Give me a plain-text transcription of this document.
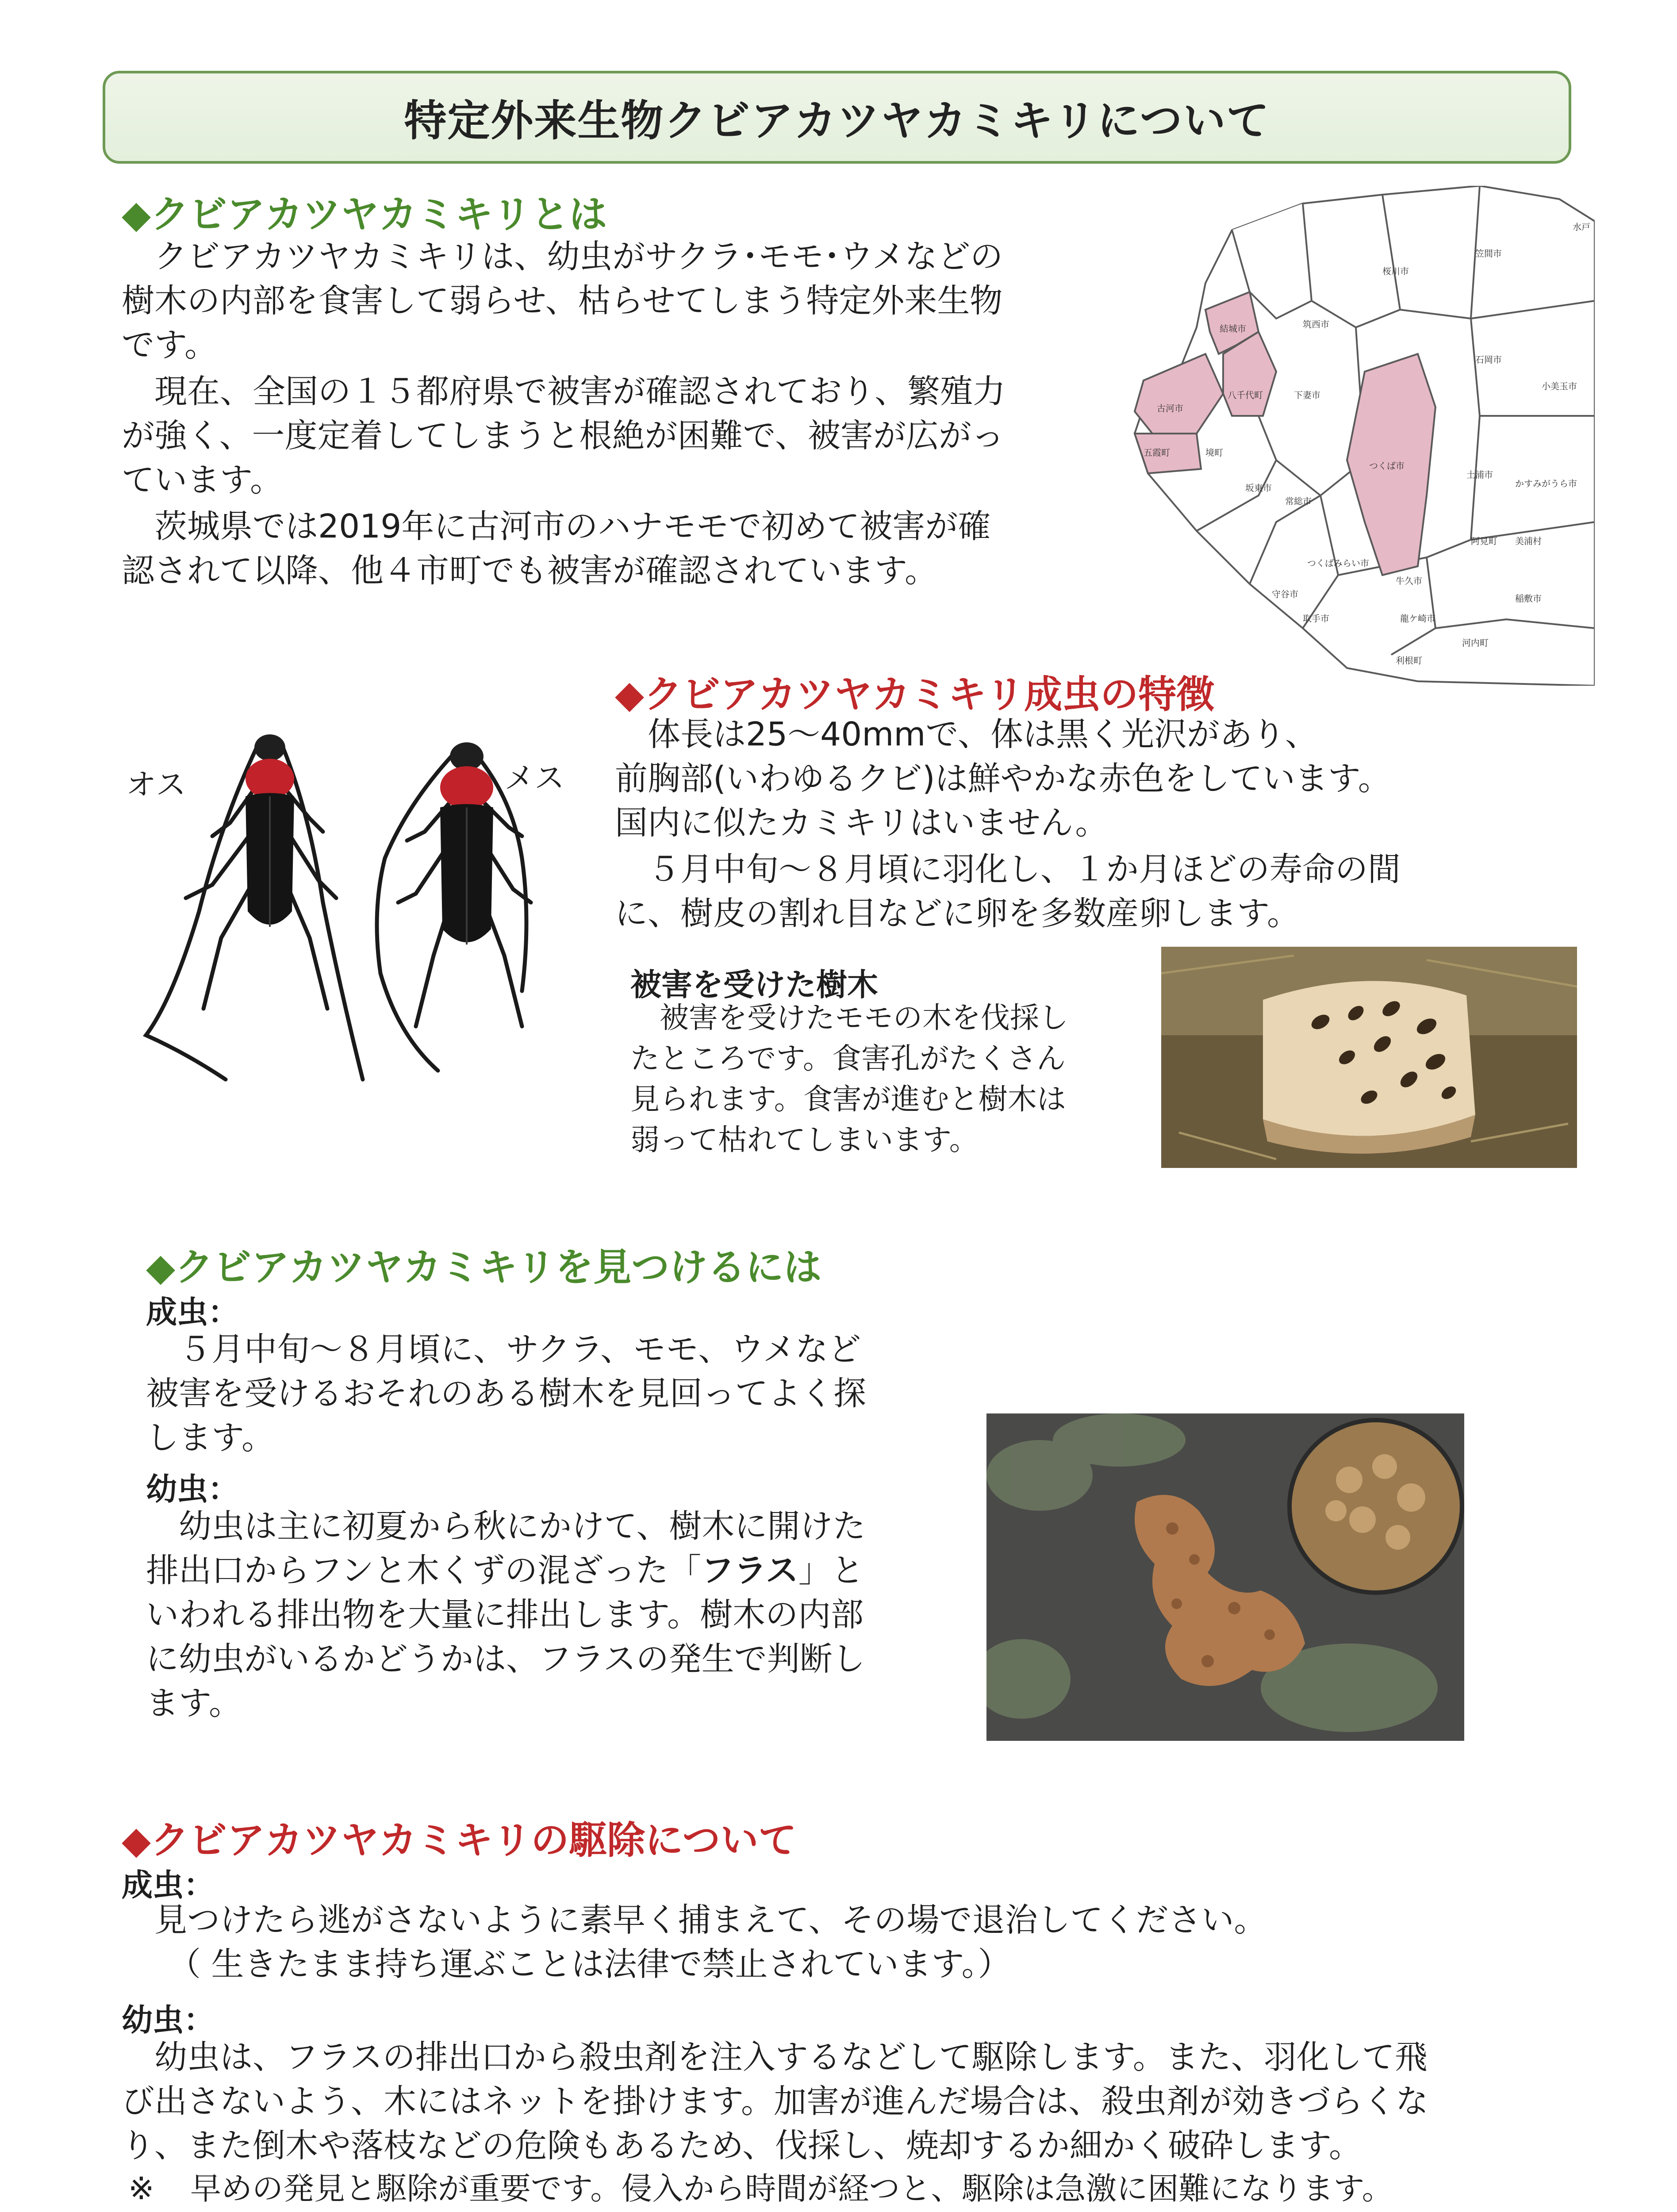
特定外来生物クビアカツヤカミキリについて
◆クビアカツヤカミキリとは
　クビアカツヤカミキリは、幼虫がサクラ･モモ･ウメなどの
樹木の内部を食害して弱らせ、枯らせてしまう特定外来生物
です。
　現在、全国の１５都府県で被害が確認されており、繁殖力
が強く、一度定着してしまうと根絶が困難で、被害が広がっ
ています。
　茨城県では2019年に古河市のハナモモで初めて被害が確
認されて以降、他４市町でも被害が確認されています。
水戸
笠間市
桜川市
筑西市
結城市
古河市
八千代町	下妻市
石岡市
小美玉市
つくば市
土浦市
かすみがうら市
五霞町	境町
坂東市
常総市
つくばみらい市
牛久市
美浦村
阿見町
守谷市
取手市	龍ケ崎市
稲敷市
河内町
利根町
オス	メス
◆クビアカツヤカミキリ成虫の特徴
　体長は25～40mmで、体は黒く光沢があり、
前胸部(いわゆるクビ)は鮮やかな赤色をしています。
国内に似たカミキリはいません。
　５月中旬～８月頃に羽化し、１か月ほどの寿命の間
に、樹皮の割れ目などに卵を多数産卵します。
被害を受けた樹木
　被害を受けたモモの木を伐採し
たところです。食害孔がたくさん
見られます。食害が進むと樹木は
弱って枯れてしまいます。
◆クビアカツヤカミキリを見つけるには
成虫：
　５月中旬～８月頃に、サクラ、モモ、ウメなど
被害を受けるおそれのある樹木を見回ってよく探
します。
幼虫：
　幼虫は主に初夏から秋にかけて、樹木に開けた
排出口からフンと木くずの混ざった「フラス」と
いわれる排出物を大量に排出します。樹木の内部
に幼虫がいるかどうかは、フラスの発生で判断し
ます。
◆クビアカツヤカミキリの駆除について
成虫：
　見つけたら逃がさないように素早く捕まえて、その場で退治してください。
（ 生きたまま持ち運ぶことは法律で禁止されています。）
幼虫：
　幼虫は、フラスの排出口から殺虫剤を注入するなどして駆除します。また、羽化して飛
び出さないよう、木にはネットを掛けます。加害が進んだ場合は、殺虫剤が効きづらくな
り、また倒木や落枝などの危険もあるため、伐採し、焼却するか細かく破砕します。
※ 早めの発見と駆除が重要です。侵入から時間が経つと、駆除は急激に困難になります。
